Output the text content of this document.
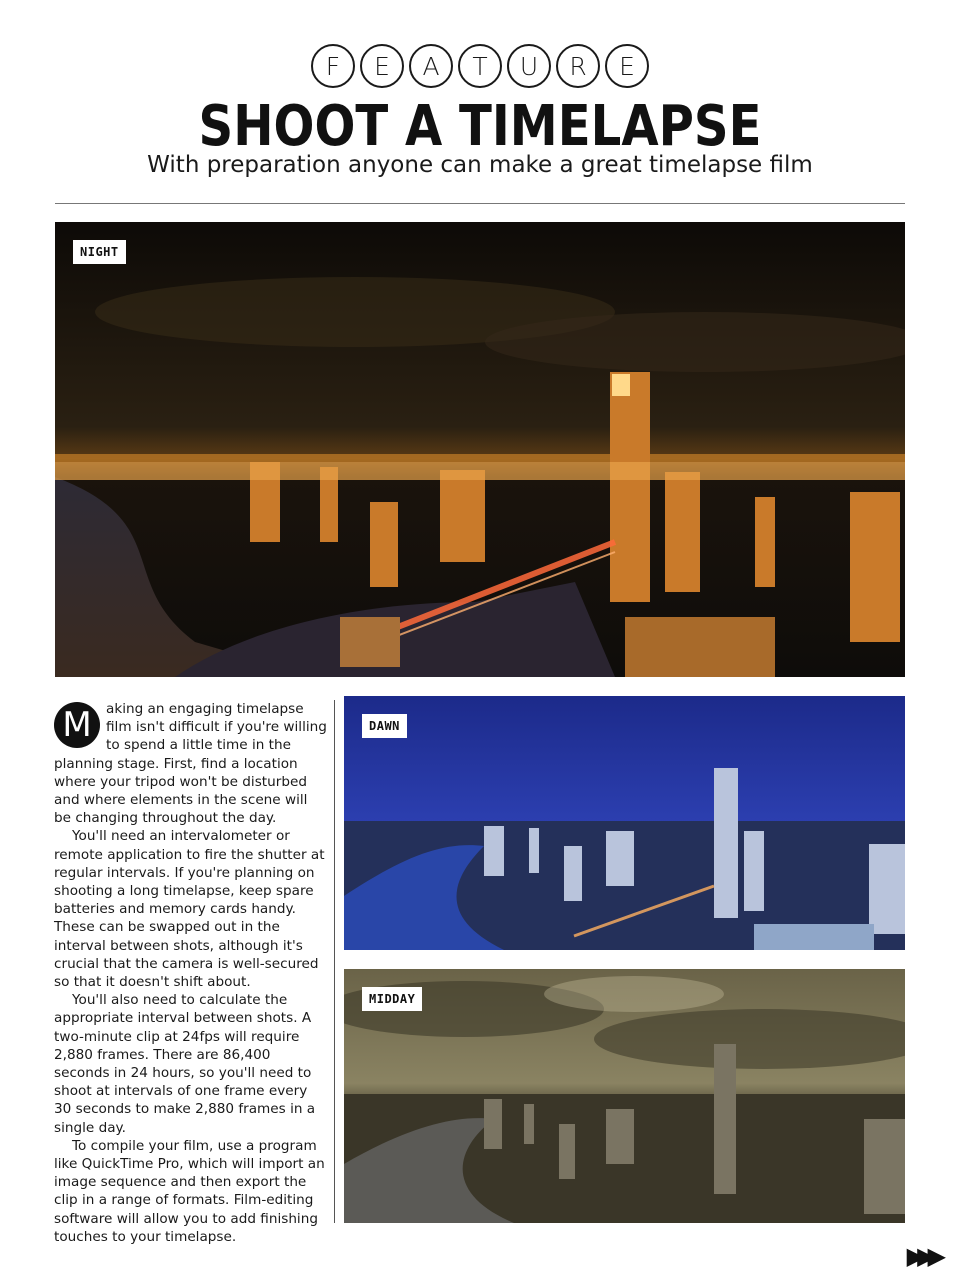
F	E	A	T	U	R	E
SHOOT A TIMELAPSE
With preparation anyone can make a great timelapse film
NIGHT

M	aking an engaging timelapse film isn't difficult if you're willing to spend a little time in the planning stage. First, find a location where your tripod won't be disturbed and where elements in the scene will be changing throughout the day.

You'll need an intervalometer or remote application to fire the shutter at regular intervals. If you're planning on shooting a long timelapse, keep spare batteries and memory cards handy. These can be swapped out in the interval between shots, although it's crucial that the camera is well-secured so that it doesn't shift about.

You'll also need to calculate the appropriate interval between shots. A two-minute clip at 24fps will require 2,880 frames. There are 86,400 seconds in 24 hours, so you'll need to shoot at intervals of one frame every 30 seconds to make 2,880 frames in a single day.

To compile your film, use a program like QuickTime Pro, which will import an image sequence and then export the clip in a range of formats. Film-editing software will allow you to add finishing touches to your timelapse.

DAWN
MIDDAY
▶▶▶
